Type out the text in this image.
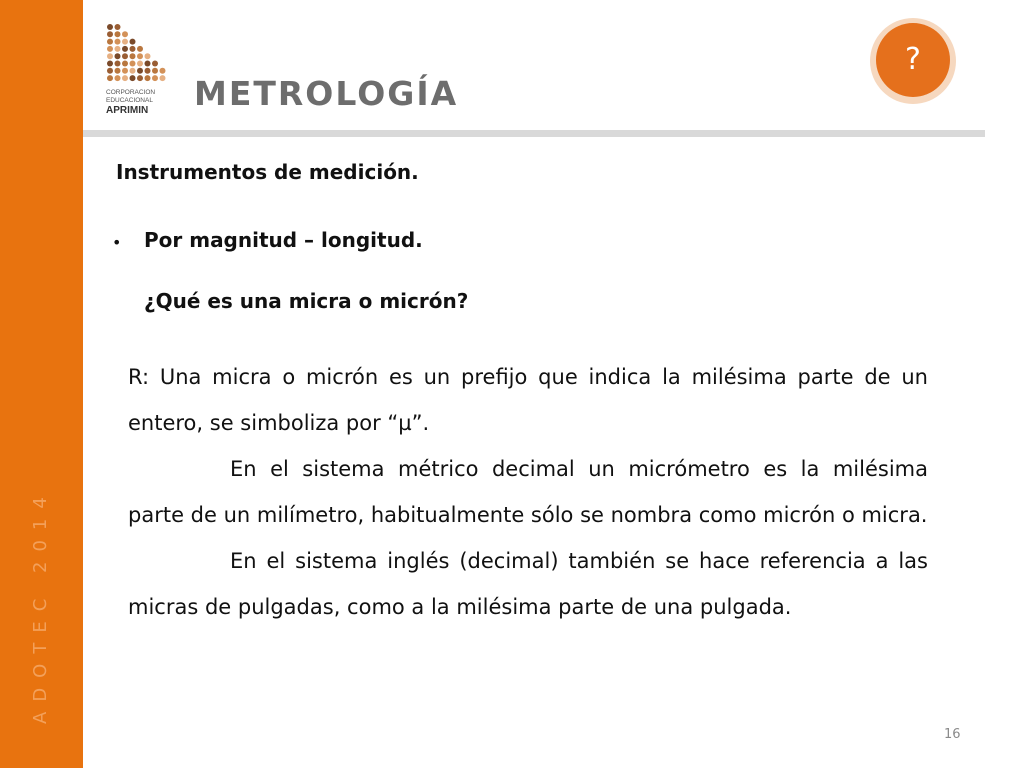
ADOTEC 2014
CORPORACION
EDUCACIONAL
APRIMIN METROLOGÍA
?
Instrumentos de medición.
• Por magnitud – longitud.
¿Qué es una micra o micrón?

R: Una micra o micrón es un prefijo que indica la milésima parte de un entero, se simboliza por “µ”.

En el sistema métrico decimal un micrómetro es la milésima parte de un milímetro, habitualmente sólo se nombra como micrón o micra.

En el sistema inglés (decimal) también se hace referencia a las micras de pulgadas, como a la milésima parte de una pulgada.

16
